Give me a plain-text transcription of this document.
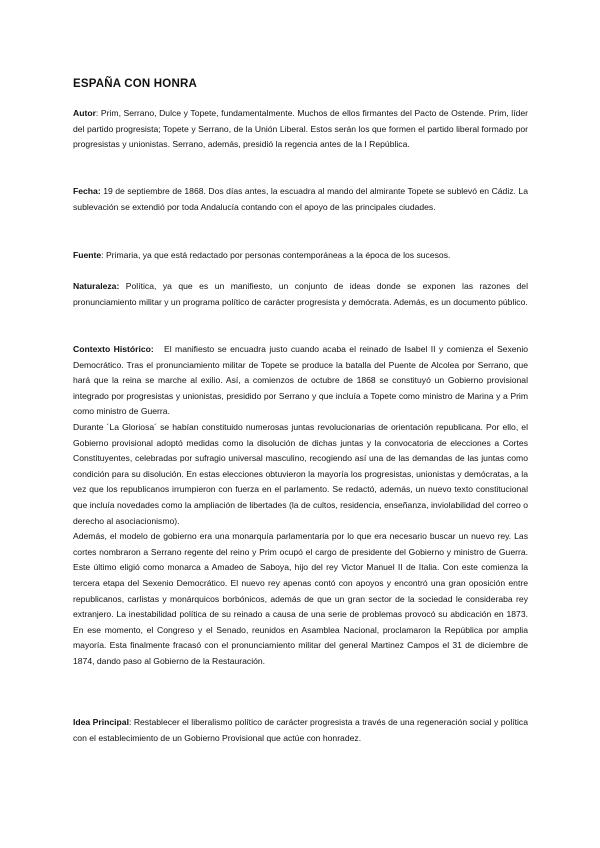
ESPAÑA CON HONRA

Autor: Prim, Serrano, Dulce y Topete, fundamentalmente. Muchos de ellos firmantes del Pacto de Ostende. Prim, líder del partido progresista; Topete y Serrano, de la Unión Liberal. Estos serán los que formen el partido liberal formado por progresistas y unionistas. Serrano, además, presidió la regencia antes de la I República.

Fecha: 19 de septiembre de 1868. Dos días antes, la escuadra al mando del almirante Topete se sublevó en Cádiz. La sublevación se extendió por toda Andalucía contando con el apoyo de las principales ciudades.

Fuente: Primaria, ya que está redactado por personas contemporáneas a la época de los sucesos.

Naturaleza: Política, ya que es un manifiesto, un conjunto de ideas donde se exponen las razones del pronunciamiento militar y un programa político de carácter progresista y demócrata. Además, es un documento público.

Contexto Histórico:   El manifiesto se encuadra justo cuando acaba el reinado de Isabel II y comienza el Sexenio Democrático. Tras el pronunciamiento militar de Topete se produce la batalla del Puente de Alcolea por Serrano, que hará que la reina se marche al exilio. Así, a comienzos de octubre de 1868 se constituyó un Gobierno provisional integrado por progresistas y unionistas, presidido por Serrano y que incluía a Topete como ministro de Marina y a Prim como ministro de Guerra.

Durante ´La Gloriosa´ se habían constituido numerosas juntas revolucionarias de orientación republicana. Por ello, el Gobierno provisional adoptó medidas como la disolución de dichas juntas y la convocatoria de elecciones a Cortes Constituyentes, celebradas por sufragio universal masculino, recogiendo así una de las demandas de las juntas como condición para su disolución. En estas elecciones obtuvieron la mayoría los progresistas, unionistas y demócratas, a la vez que los republicanos irrumpieron con fuerza en el parlamento. Se redactó, además, un nuevo texto constitucional que incluía novedades como la ampliación de libertades (la de cultos, residencia, enseñanza, inviolabilidad del correo o derecho al asociacionismo).

Además, el modelo de gobierno era una monarquía parlamentaria por lo que era necesario buscar un nuevo rey. Las cortes nombraron a Serrano regente del reino y Prim ocupó el cargo de presidente del Gobierno y ministro de Guerra. Este último eligió como monarca a Amadeo de Saboya, hijo del rey Victor Manuel II de Italia. Con este comienza la tercera etapa del Sexenio Democrático. El nuevo rey apenas contó con apoyos y encontró una gran oposición entre republicanos, carlistas y monárquicos borbónicos, además de que un gran sector de la sociedad le consideraba rey extranjero. La inestabilidad política de su reinado a causa de una serie de problemas provocó su abdicación en 1873. En ese momento, el Congreso y el Senado, reunidos en Asamblea Nacional, proclamaron la República por amplia mayoría. Esta finalmente fracasó con el pronunciamiento militar del general Martinez Campos el 31 de diciembre de 1874, dando paso al Gobierno de la Restauración.

Idea Principal: Restablecer el liberalismo político de carácter progresista a través de una regeneración social y política con el establecimiento de un Gobierno Provisional que actúe con honradez.
